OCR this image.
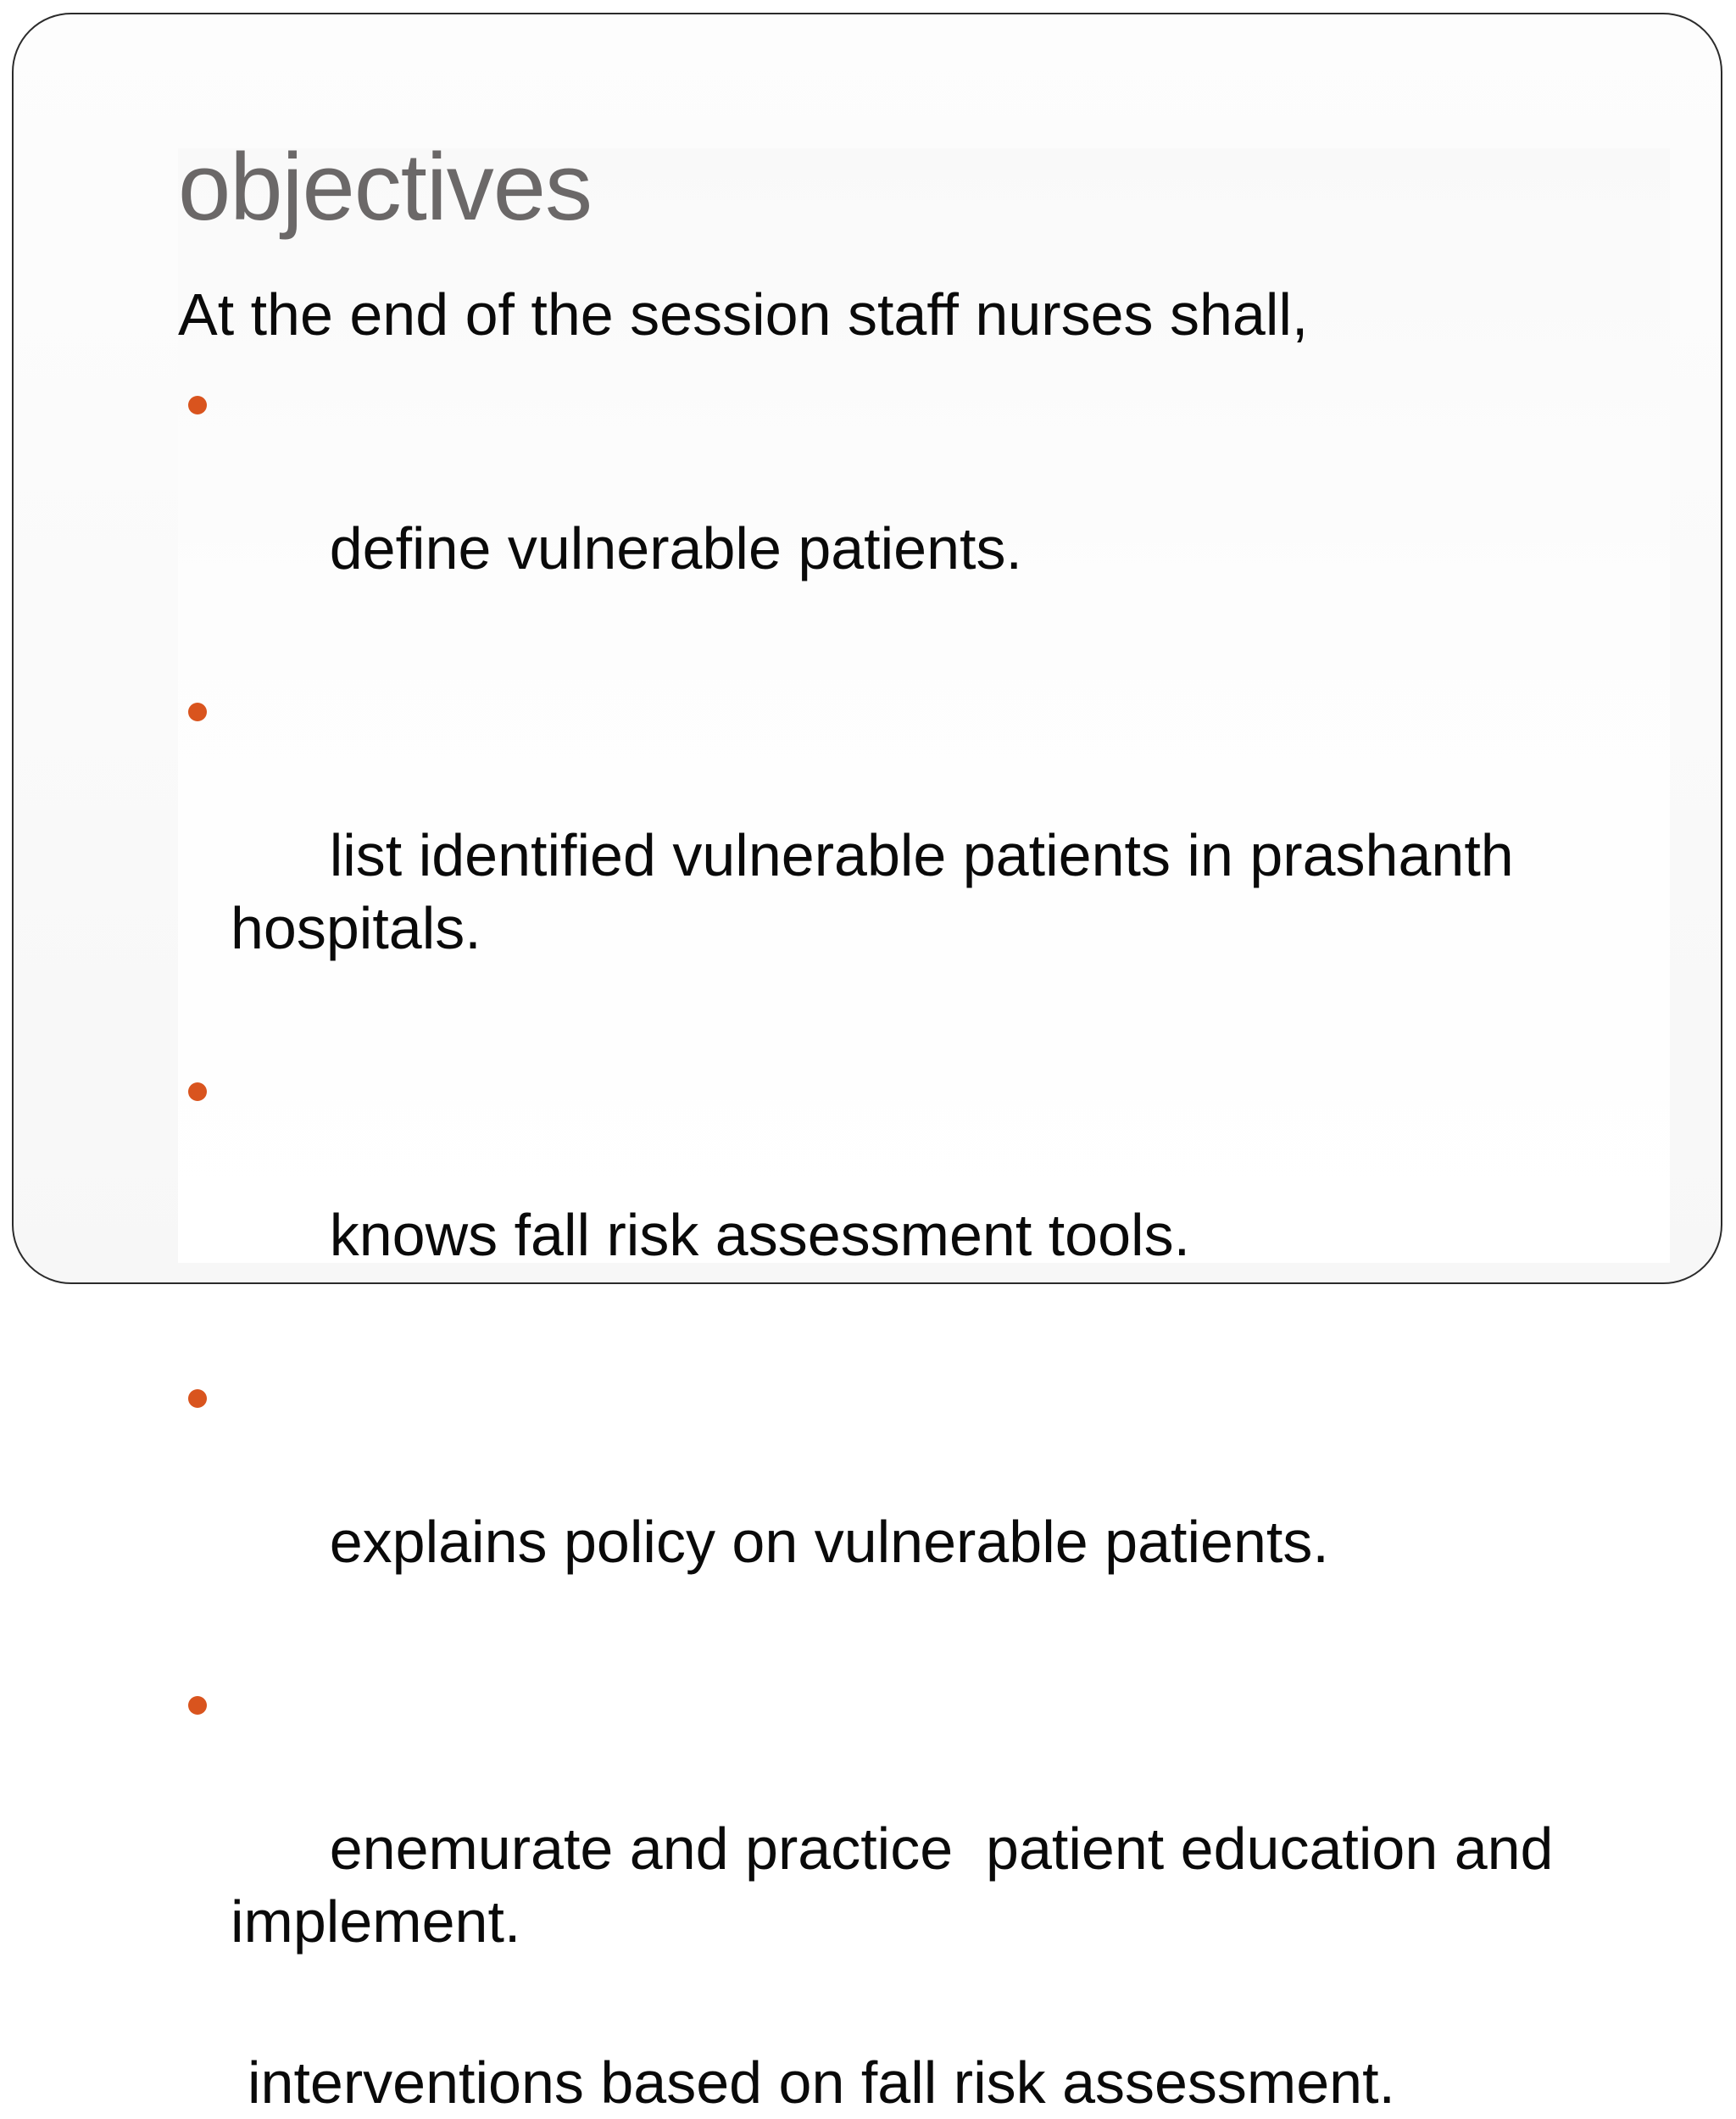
objectives

At the end of the session staff nurses shall,

define vulnerable patients.

list identified vulnerable patients in prashanth hospitals.

knows fall risk assessment tools.

explains policy on vulnerable patients.

enemurate and practice  patient education and implement.

interventions based on fall risk assessment.
